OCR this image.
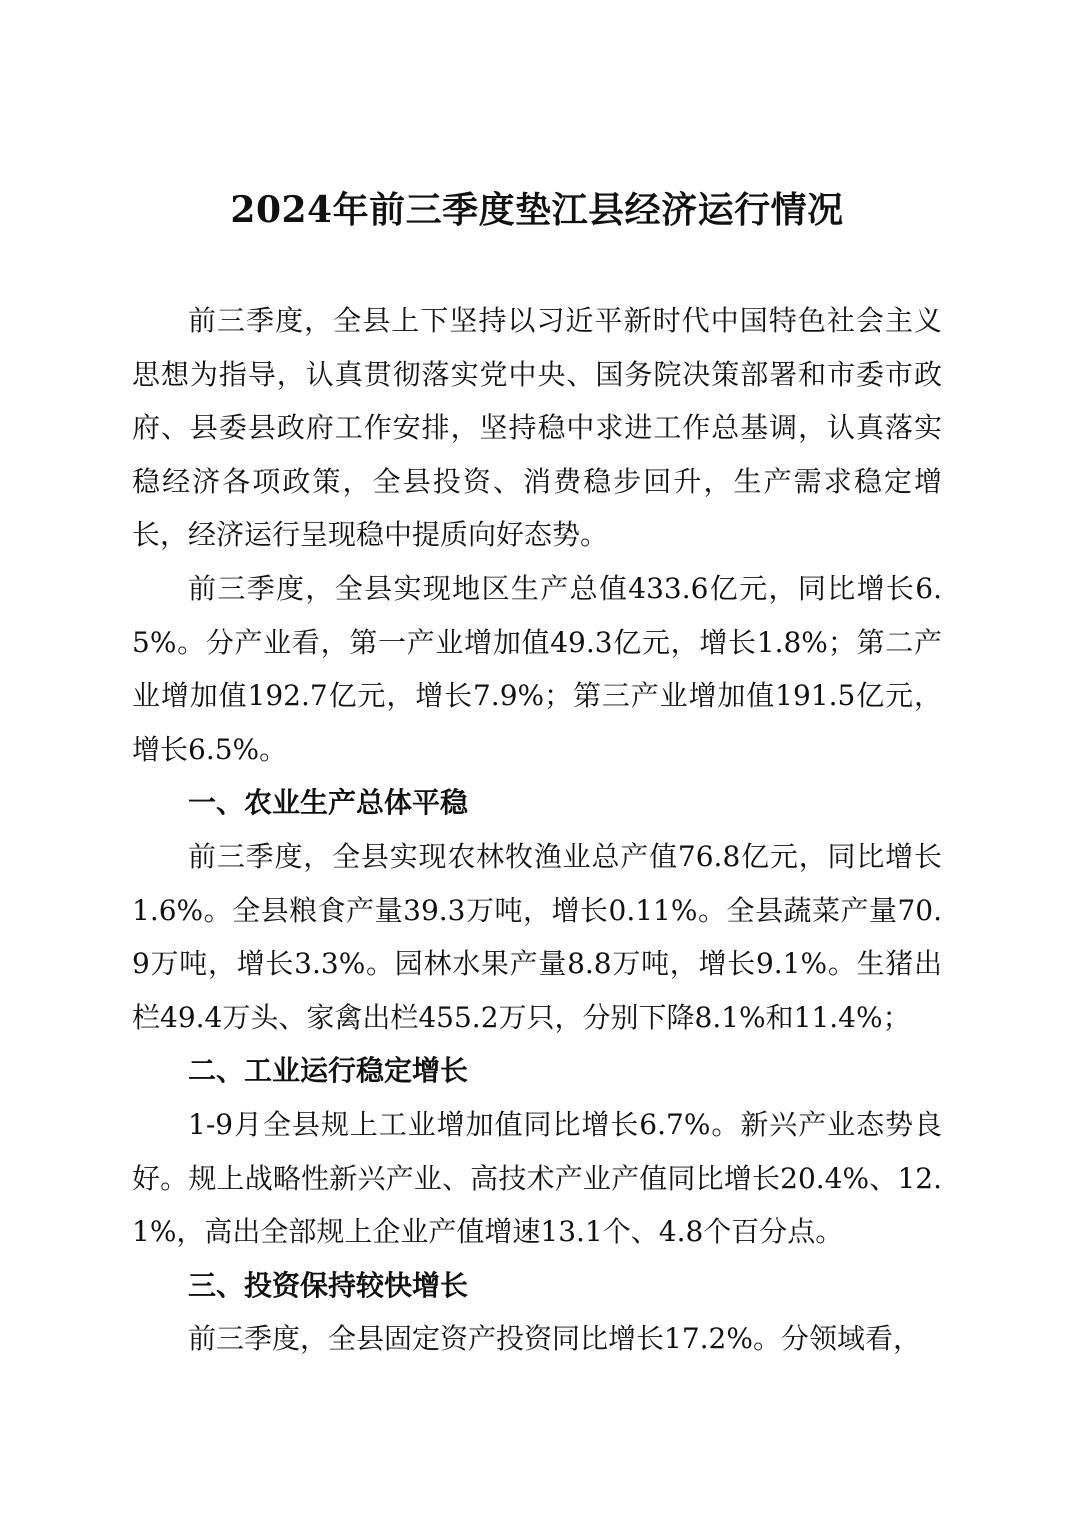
2024年前三季度垫江县经济运行情况

前三季度，全县上下坚持以习近平新时代中国特色社会主义思想为指导，认真贯彻落实党中央、国务院决策部署和市委市政府、县委县政府工作安排，坚持稳中求进工作总基调，认真落实稳经济各项政策，全县投资、消费稳步回升，生产需求稳定增长，经济运行呈现稳中提质向好态势。

前三季度，全县实现地区生产总值433.6亿元，同比增长6.5%。分产业看，第一产业增加值49.3亿元，增长1.8%；第二产业增加值192.7亿元，增长7.9%；第三产业增加值191.5亿元，增长6.5%。

一、农业生产总体平稳

前三季度，全县实现农林牧渔业总产值76.8亿元，同比增长1.6%。全县粮食产量39.3万吨，增长0.11%。全县蔬菜产量70.9万吨，增长3.3%。园林水果产量8.8万吨，增长9.1%。生猪出栏49.4万头、家禽出栏455.2万只，分别下降8.1%和11.4%；

二、工业运行稳定增长

1-9月全县规上工业增加值同比增长6.7%。新兴产业态势良好。规上战略性新兴产业、高技术产业产值同比增长20.4%、12.1%，高出全部规上企业产值增速13.1个、4.8个百分点。

三、投资保持较快增长

前三季度，全县固定资产投资同比增长17.2%。分领域看，
